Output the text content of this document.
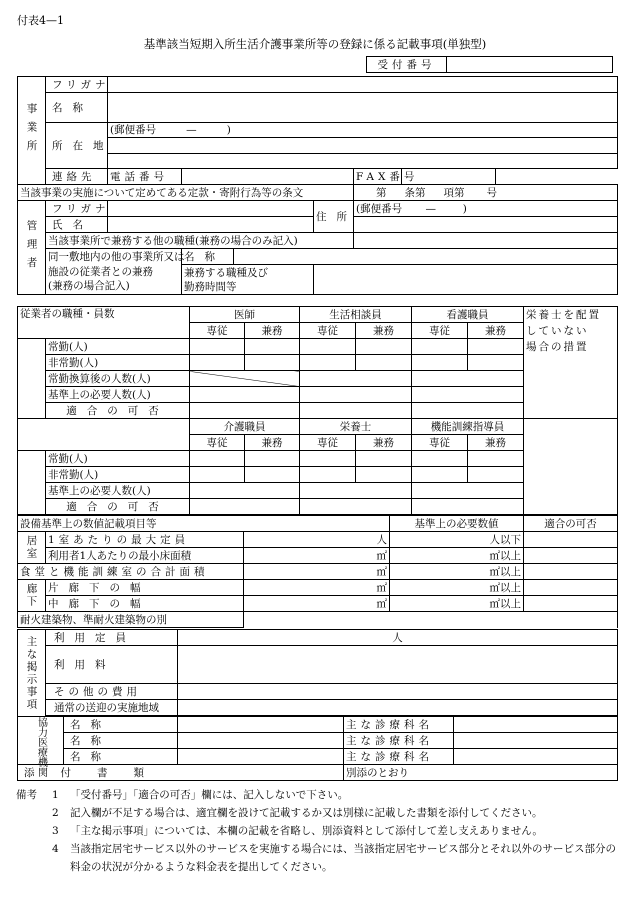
付表4—1
基準該当短期入所生活介護事業所等の登録に係る記載事項(単独型)
受付番号	
事業所	フリガナ						
	名称						
	所在地	(郵便番号 — )					

	連絡先	電話番号				FAX番号	
当該事業の実施について定めてある定款・寄附行為等の条文						第 条第 項第 号	
管理者	フリガナ				住所	(郵便番号 — )	
	氏名						
	当該事業所で兼務する他の職種(兼務の場合のみ記入)						
	同一敷地内の他の事業所又は		名称				
	施設の従業者との兼務
(兼務の場合記入)		兼務する職種及び
勤務時間等				
従業者の職種・員数		医師		生活相談員		看護職員		栄養士を配置
していない
場合の措置
		専従	兼務	専従	兼務	専従	兼務	
	常勤(人)							
	非常勤(人)							
	常勤換算後の人数(人)							
	基準上の必要人数(人)							
	適合の可否							
		介護職員		栄養士		機能訓練指導員		
		専従	兼務	専従	兼務	専従	兼務	
	常勤(人)							
	非常勤(人)							
	基準上の必要人数(人)							
	適合の可否							
設備基準上の数値記載項目等			基準上の必要数値	適合の可否
居室	1室あたりの最大定員	人	人以下	
	利用者1人あたりの最小床面積	㎡	㎡以上	
食堂と機能訓練室の合計面積		㎡	㎡以上	
廊下	片廊下の幅	㎡	㎡以上	
	中廊下の幅	㎡	㎡以上	
耐火建築物、準耐火建築物の別				
主な掲示事項	利用定員		人		
	利用料				
	その他の費用				
	通常の送迎の実施地域				

協力医療機関		名称		主な診療科名	
		名称		主な診療科名	
		名称		主な診療科名	
添付書類				別添のとおり	
備考	1	「受付番号」「適合の可否」欄には、記入しないで下さい。
2	記入欄が不足する場合は、適宜欄を設けて記載するか又は別様に記載した書類を添付してください。
3	「主な掲示事項」については、本欄の記載を省略し、別添資料として添付して差し支えありません。
4	当該指定居宅サービス以外のサービスを実施する場合には、当該指定居宅サービス部分とそれ以外のサービス部分の料金の状況が分かるような料金表を提出してください。
